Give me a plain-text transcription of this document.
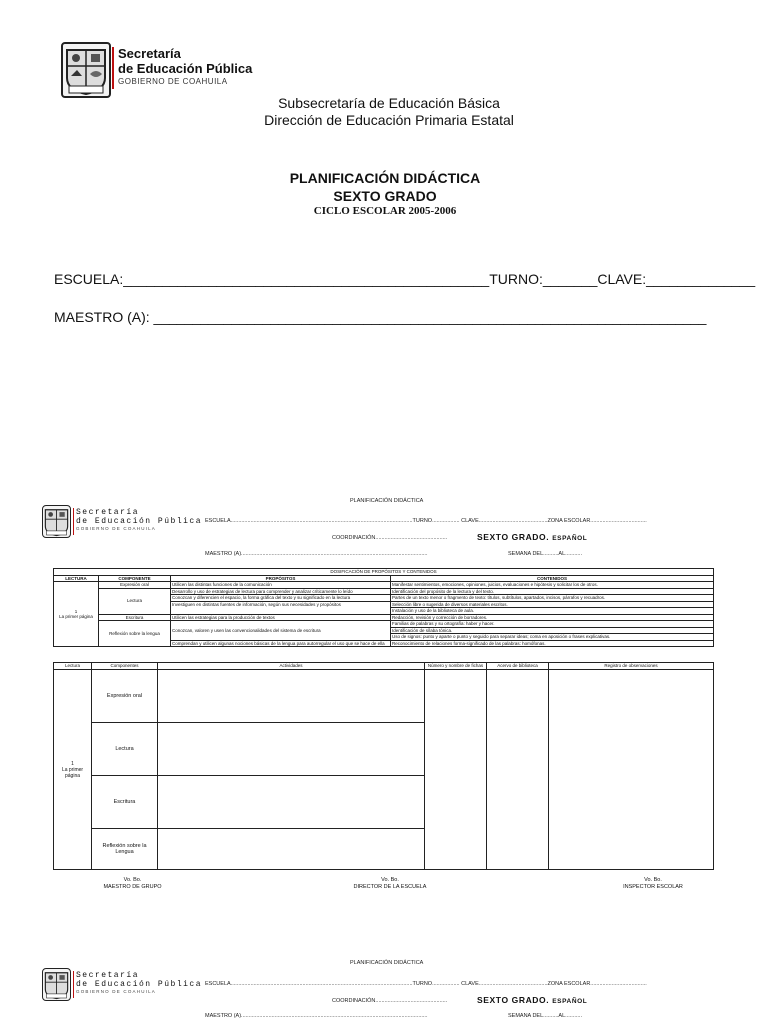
Secretaría
de Educación Pública
GOBIERNO DE COAHUILA
Subsecretaría de Educación Básica
Dirección de Educación Primaria Estatal
PLANIFICACIÓN DIDÁCTICA
SEXTO GRADO
CICLO ESCOLAR 2005-2006
ESCUELA:_______________________________________________TURNO:_______CLAVE:______________
MAESTRO (A): _______________________________________________________________________
Secretaría
de Educación Pública
GOBIERNO DE COAHUILA
PLANIFICACIÓN DIDÁCTICA
ESCUELA.......................................................................................................................TURNO.................. CLAVE.............................................ZONA ESCOLAR.....................................
COORDINACIÓN...............................................	SEXTO GRADO. ESPAÑOL
MAESTRO (A)..........................................................................................................................	SEMANA DEL..........AL...........
DOSIFICACIÓN DE PROPÓSITOS Y CONTENIDOS			
LECTURA	COMPONENTE	PROPÓSITOS	CONTENIDOS
1
La primer página	Expresión oral	Utilicen las distintas funciones de la comunicación	Manifestar sentimientos, emociones, opiniones, juicios, evaluaciones e hipótesis y solicitar los de otros.
	Lectura	Desarrollo y uso de estrategias de lectura para comprender y analizar críticamente lo leído	Identificación del propósito de la lectura y del texto.
		Conozcan y diferencien el espacio, la forma gráfica del texto y su significado en la lectura	Partes de un texto menor o fragmento de texto: títulos, subtítulos, apartados, incisos, párrafos y recuadros.
		Investiguen en distintas fuentes de información, según sus necesidades y propósitos	Selección libre o sugerida de diversos materiales escritos.
			Instalación y uso de la biblioteca de aula.
	Escritura	Utilicen las estrategias para la producción de textos	Redacción, revisión y corrección de borradores.
	Reflexión sobre la lengua	Conozcan, valoren y usen las convencionalidades del sistema de escritura	Familias de palabras y su ortografía: haber y hacer.
			Identificación de sílaba tónica.
			Uso de signos: punto y aparte o punto y seguido para separar ideas; coma en aposición o frases explicativas.
		Comprendan y utilicen algunas nociones básicas de la lengua para autorregular el uso que se hace de ella	Reconocimiento de relaciones forma-significado de las palabras: homófonas.
Lectura	Componentes	Actividades	Número y nombre de fichas	Acervo de biblioteca	Registro de observaciones
1
La primer página	Expresión oral				
	Lectura				
	Escritura				
	Reflexión sobre la Lengua				
Vo. Bo.
MAESTRO DE GRUPO
Vo. Bo.
DIRECTOR DE LA ESCUELA
Vo. Bo.
INSPECTOR ESCOLAR
Secretaría
de Educación Pública
GOBIERNO DE COAHUILA
PLANIFICACIÓN DIDÁCTICA
ESCUELA.......................................................................................................................TURNO.................. CLAVE.............................................ZONA ESCOLAR.....................................
COORDINACIÓN...............................................	SEXTO GRADO. ESPAÑOL
MAESTRO (A)..........................................................................................................................	SEMANA DEL..........AL...........
